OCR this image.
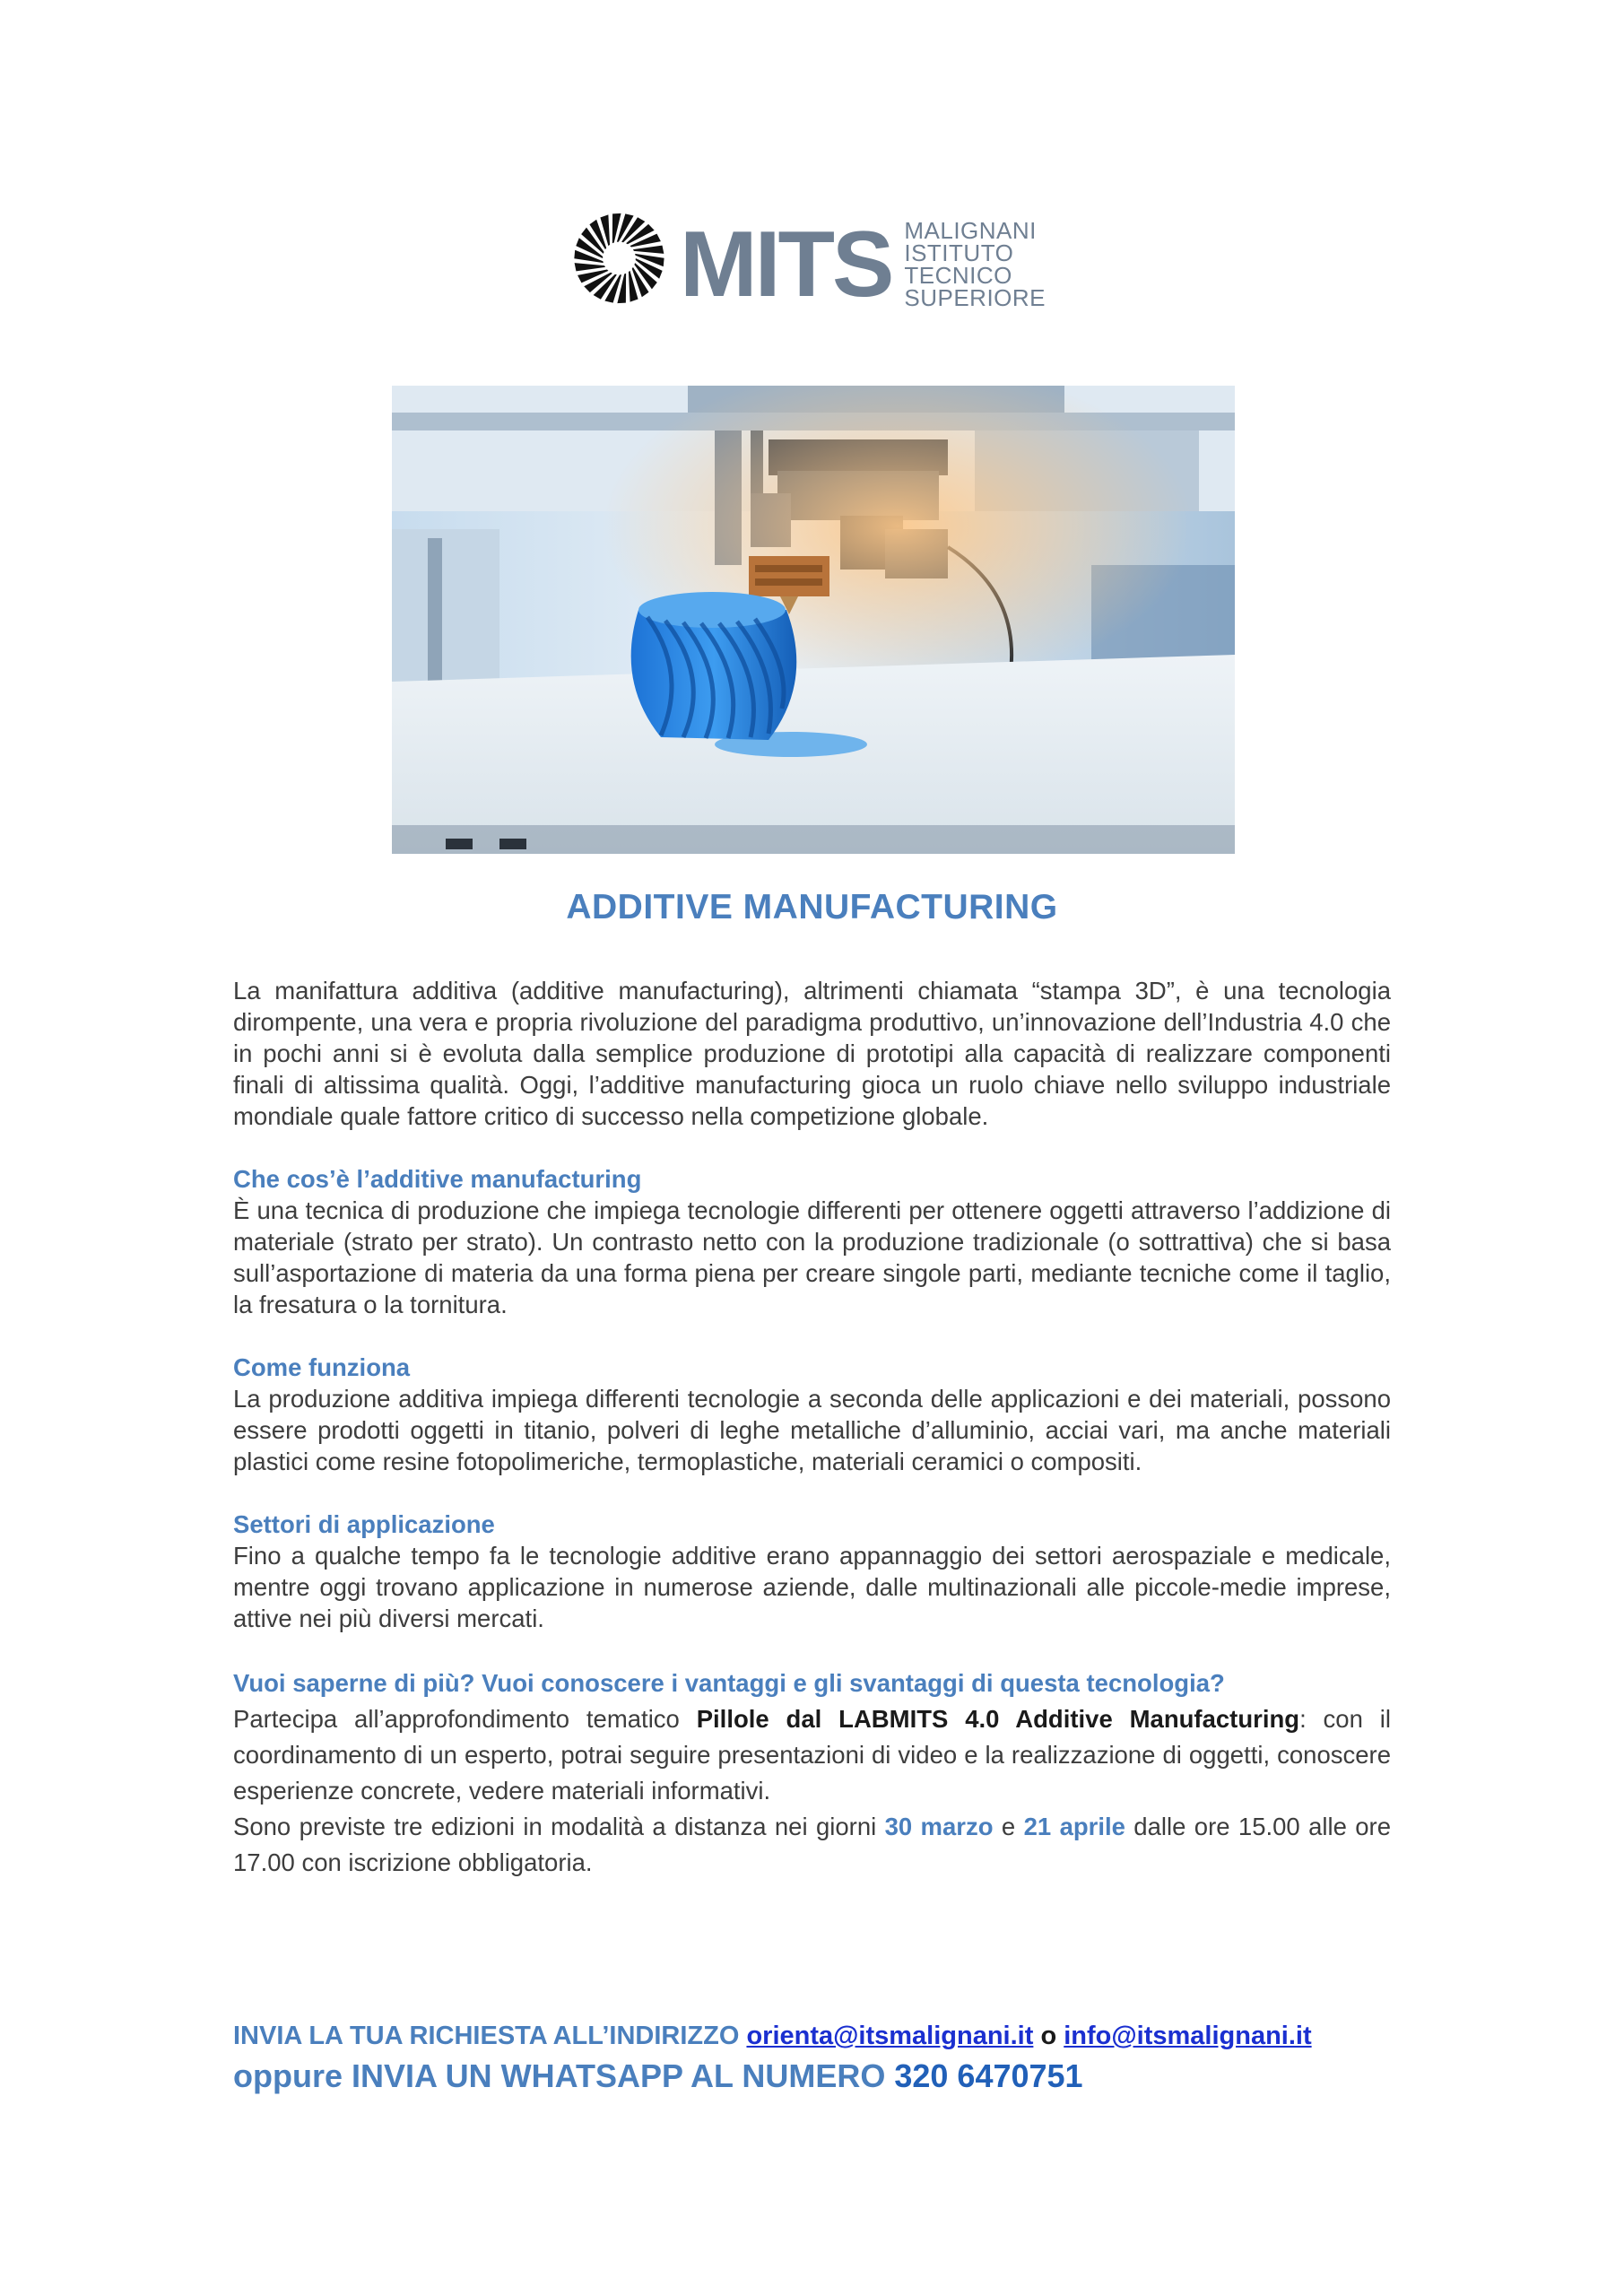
MITS MALIGNANI
ISTITUTO TECNICO
SUPERIORE
ADDITIVE MANUFACTURING

La manifattura additiva (additive manufacturing), altrimenti chiamata “stampa 3D”, è una tecnologia dirompente, una vera e propria rivoluzione del paradigma produttivo, un’innovazione dell’Industria 4.0 che in pochi anni si è evoluta dalla semplice produzione di prototipi alla capacità di realizzare componenti finali di altissima qualità. Oggi, l’additive manufacturing gioca un ruolo chiave nello sviluppo industriale mondiale quale fattore critico di successo nella competizione globale.

Che cos’è l’additive manufacturing

È una tecnica di produzione che impiega tecnologie differenti per ottenere oggetti attraverso l’addizione di materiale (strato per strato). Un contrasto netto con la produzione tradizionale (o sottrattiva) che si basa sull’asportazione di materia da una forma piena per creare singole parti, mediante tecniche come il taglio, la fresatura o la tornitura.

Come funziona

La produzione additiva impiega differenti tecnologie a seconda delle applicazioni e dei materiali, possono essere prodotti oggetti in titanio, polveri di leghe metalliche d’alluminio, acciai vari, ma anche materiali plastici come resine fotopolimeriche, termoplastiche, materiali ceramici o compositi.

Settori di applicazione

Fino a qualche tempo fa le tecnologie additive erano appannaggio dei settori aerospaziale e medicale, mentre oggi trovano applicazione in numerose aziende, dalle multinazionali alle piccole-medie imprese, attive nei più diversi mercati.

Vuoi saperne di più? Vuoi conoscere i vantaggi e gli svantaggi di questa tecnologia?

Partecipa all’approfondimento tematico Pillole dal LABMITS 4.0 Additive Manufacturing: con il coordinamento di un esperto, potrai seguire presentazioni di video e la realizzazione di oggetti, conoscere esperienze concrete, vedere materiali informativi.

Sono previste tre edizioni in modalità a distanza nei giorni 30 marzo e 21 aprile dalle ore 15.00 alle ore 17.00 con iscrizione obbligatoria.

INVIA LA TUA RICHIESTA ALL’INDIRIZZO orienta@itsmalignani.it o info@itsmalignani.it
oppure INVIA UN WHATSAPP AL NUMERO 320 6470751
